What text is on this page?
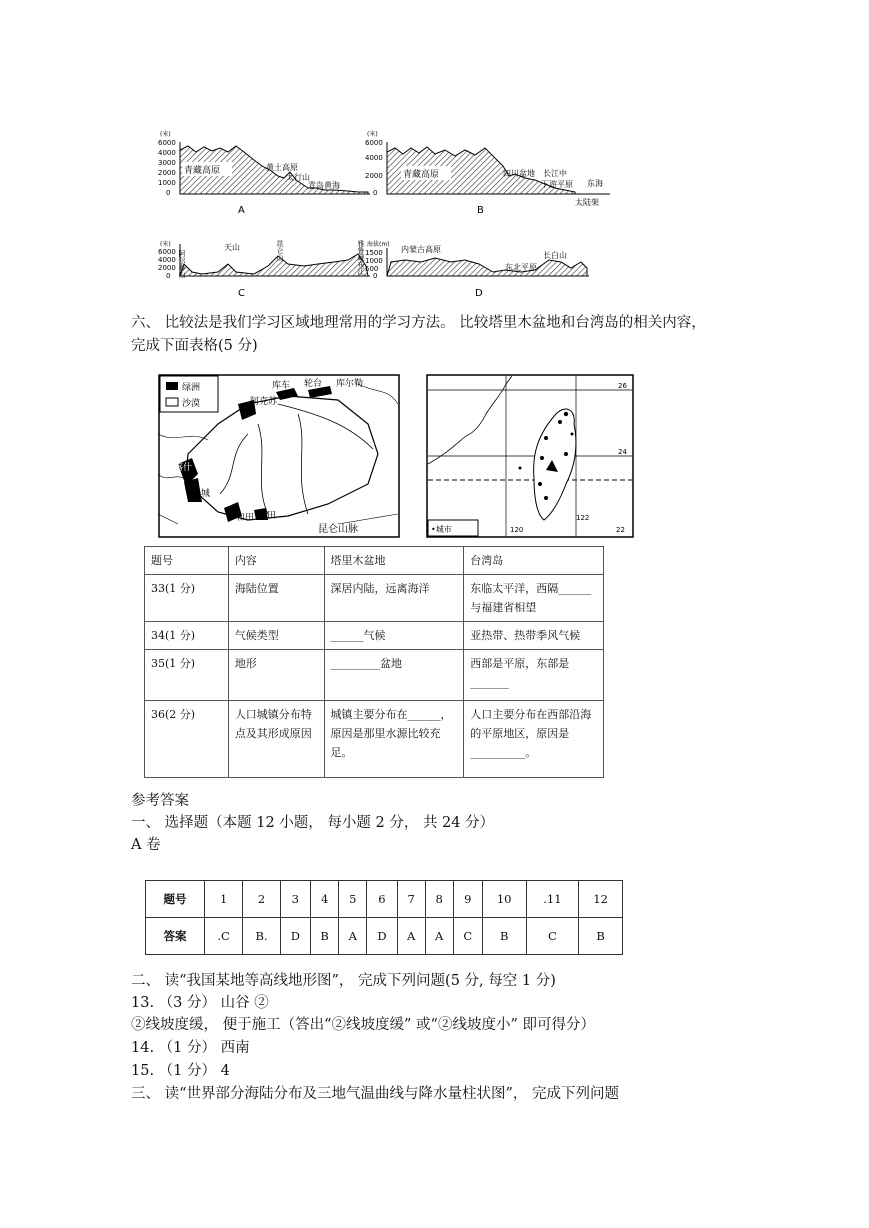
(米)
6000
4000
3000
2000
1000
0
青藏高原	黄土高原
太行山
青岛黄海
A
(米)
6000
4000
2000
0
青藏高原	四川盆地 长江中
下游平原 东海
太陆架
B
(米)
6000
4000
2000
0 阿尔泰山
天山	昆仑山	雅鲁藏布江
C
海拔(m)
1500
1000
500
0
内蒙古高原
东北平原
长白山
D
六、 比较法是我们学习区域地理常用的学习方法。 比较塔里木盆地和台湾岛的相关内容，
完成下面表格(5 分)
绿洲
沙漠	阿克苏
库车 轮台 库尔勒
喀什
叶城
和田 于田
昆仑山脉
26
24
22
120
122
•城市
题号	内容	塔里木盆地	台湾岛
33(1 分)	海陆位置	深居内陆，远离海洋	东临太平洋，西隔______与福建省相望
34(1 分)	气候类型	______气候	亚热带、热带季风气候
35(1 分)	地形	_________盆地	西部是平原，东部是_______
36(2 分)	人口城镇分布特点及其形成原因	城镇主要分布在______，原因是那里水源比较充足。	人口主要分布在西部沿海的平原地区，原因是__________。
参考答案
一、 选择题（本题 12 小题， 每小题 2 分， 共 24 分）
A 卷
题号	1	2	3	4	5	6	7	8	9	10	.11	12
答案	.C	B.	D	B	A	D	A	A	C	B	C	B
二、 读“我国某地等高线地形图”， 完成下列问题(5 分, 每空 1 分)
13. （3 分） 山谷 ②
②线坡度缓， 便于施工（答出“②线坡度缓” 或“②线坡度小” 即可得分）
14. （1 分） 西南
15. （1 分） 4
三、 读“世界部分海陆分布及三地气温曲线与降水量柱状图”， 完成下列问题
